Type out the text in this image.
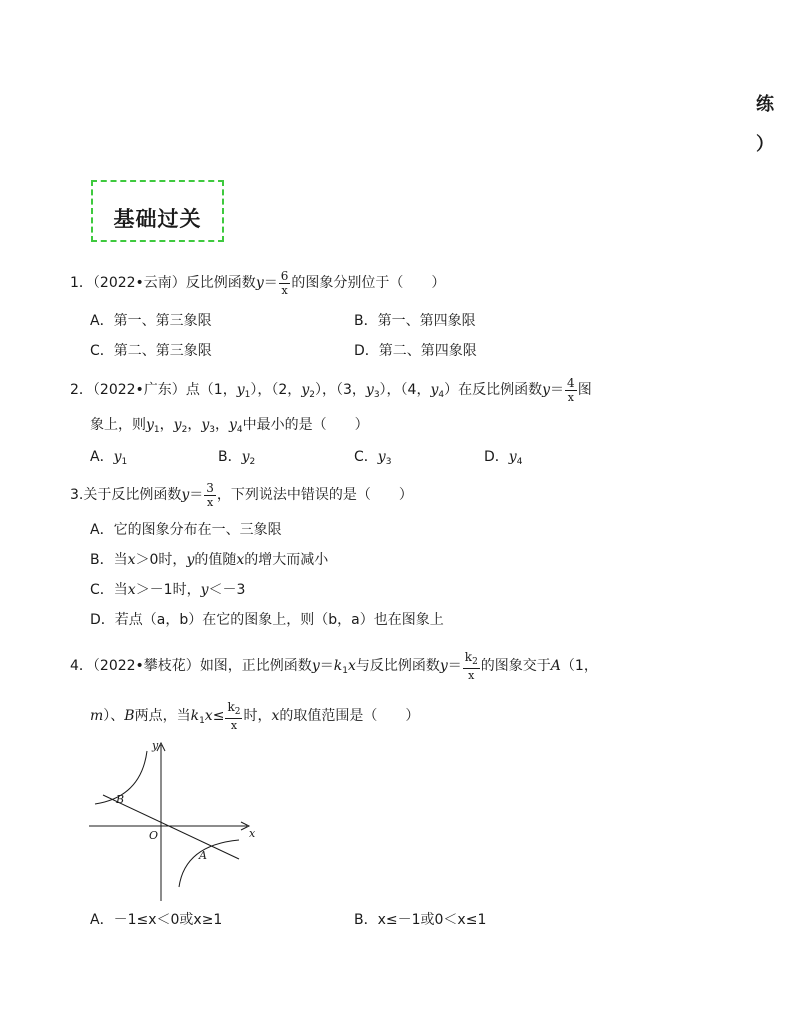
练
）
基础过关
1．（2022•云南）反比例函数$y= \frac{6}{x}$ 的图象分别位于（　　）
A．第一、第三象限	B．第一、第四象限
C．第二、第三象限	D．第二、第四象限
2．（2022•广东）点（1，$y_1$），（2，$y_2$），（3，$y_3$），（4，$y_4$）在反比例函数$y= \frac{4}{x}$ 图
象上，则$y_1$，$y_2$，$y_3$，$y_4$中最小的是（　　）
A．$y_1$	B．$y_2$	C．$y_3$	D．$y_4$
3.关于反比例函数$y= \frac{3}{x}$ ，下列说法中错误的是（　　）
A．它的图象分布在一、三象限
B．当x＞0时，y的值随x的增大而减小
C．当x＞－1时，y＜－3
D．若点（a，b）在它的图象上，则（b，a）也在图象上
4．（2022•攀枝花）如图，正比例函数$y=k_1x$与反比例函数$y= \frac{k_2}{x}$ 的图象交于A（1，
m）、B两点，当$k_1x\le \frac{k_2}{x}$ 时，x的取值范围是（　　）
y
x
O
A
B
A．－1≤x＜0或x≥1	B．x≤－1或0＜x≤1
